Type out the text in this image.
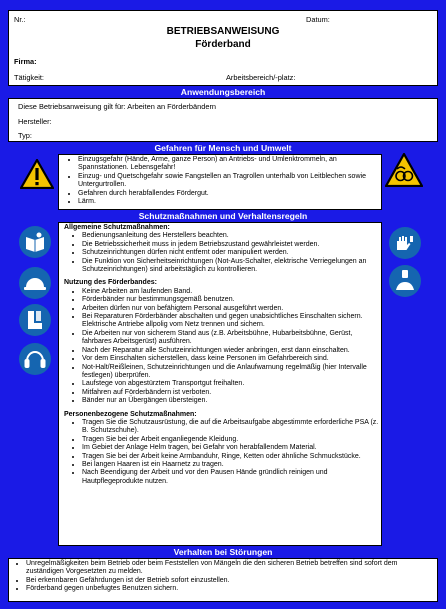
Nr.:	Datum:
BETRIEBSANWEISUNG
Förderband
Firma:
Tätigkeit:	Arbeitsbereich/-platz:
Anwendungsbereich
Diese Betriebsanweisung gilt für: Arbeiten an Förderbändern
Hersteller:
Typ:
Gefahren für Mensch und Umwelt
• Einzugsgefahr (Hände, Arme, ganze Person) an Antriebs- und Umlenktrommeln, an Spannstationen. Lebensgefahr!
• Einzug- und Quetschgefahr sowie Fangstellen an Tragrollen unterhalb von Leitblechen sowie Untergurtrollen.
• Gefahren durch herabfallendes Fördergut.
• Lärm.
Schutzmaßnahmen und Verhaltensregeln
Allgemeine Schutzmaßnahmen:
• Bedienungsanleitung des Herstellers beachten.
• Die Betriebssicherheit muss in jedem Betriebszustand gewährleistet werden.
• Schutzeinrichtungen dürfen nicht entfernt oder manipuliert werden.
• Die Funktion von Sicherheitseinrichtungen (Not-Aus-Schalter, elektrische Verriegelungen an Schutzeinrichtungen) sind arbeitstäglich zu kontrollieren.
Nutzung des Förderbandes:
• Keine Arbeiten am laufenden Band.
• Förderbänder nur bestimmungsgemäß benutzen.
• Arbeiten dürfen nur von befähigtem Personal ausgeführt werden.
• Bei Reparaturen Förderbänder abschalten und gegen unabsichtliches Einschalten sichern. Elektrische Antriebe allpolig vom Netz trennen und sichern.
• Die Arbeiten nur von sicherem Stand aus (z.B. Arbeitsbühne, Hubarbeitsbühne, Gerüst, fahrbares Arbeitsgerüst) ausführen.
• Nach der Reparatur alle Schutzeinrichtungen wieder anbringen, erst dann einschalten.
• Vor dem Einschalten sicherstellen, dass keine Personen im Gefahrbereich sind.
• Not-Halt/Reißleinen, Schutzeinrichtungen und die Anlaufwarnung regelmäßig (hier Intervalle festlegen) überprüfen.
• Laufstege von abgestürztem Transportgut freihalten.
• Mitfahren auf Förderbändern ist verboten.
• Bänder nur an Übergängen übersteigen.
Personenbezogene Schutzmaßnahmen:
• Tragen Sie die Schutzausrüstung, die auf die Arbeitsaufgabe abgestimmte erforderliche PSA (z. B. Schutzschuhe).
• Tragen Sie bei der Arbeit enganliegende Kleidung.
• Im Gebiet der Anlage Helm tragen, bei Gefahr von herabfallendem Material.
• Tragen Sie bei der Arbeit keine Armbanduhr, Ringe, Ketten oder ähnliche Schmuckstücke.
• Bei langen Haaren ist ein Haarnetz zu tragen.
• Nach Beendigung der Arbeit und vor den Pausen Hände gründlich reinigen und Hautpflegeprodukte nutzen.
Verhalten bei Störungen
• Unregelmäßigkeiten beim Betrieb oder beim Feststellen von Mängeln die den sicheren Betrieb betreffen sind sofort dem zuständigen Vorgesetzten zu melden.
• Bei erkennbaren Gefährdungen ist der Betrieb sofort einzustellen.
• Förderband gegen unbefugtes Benutzen sichern.
